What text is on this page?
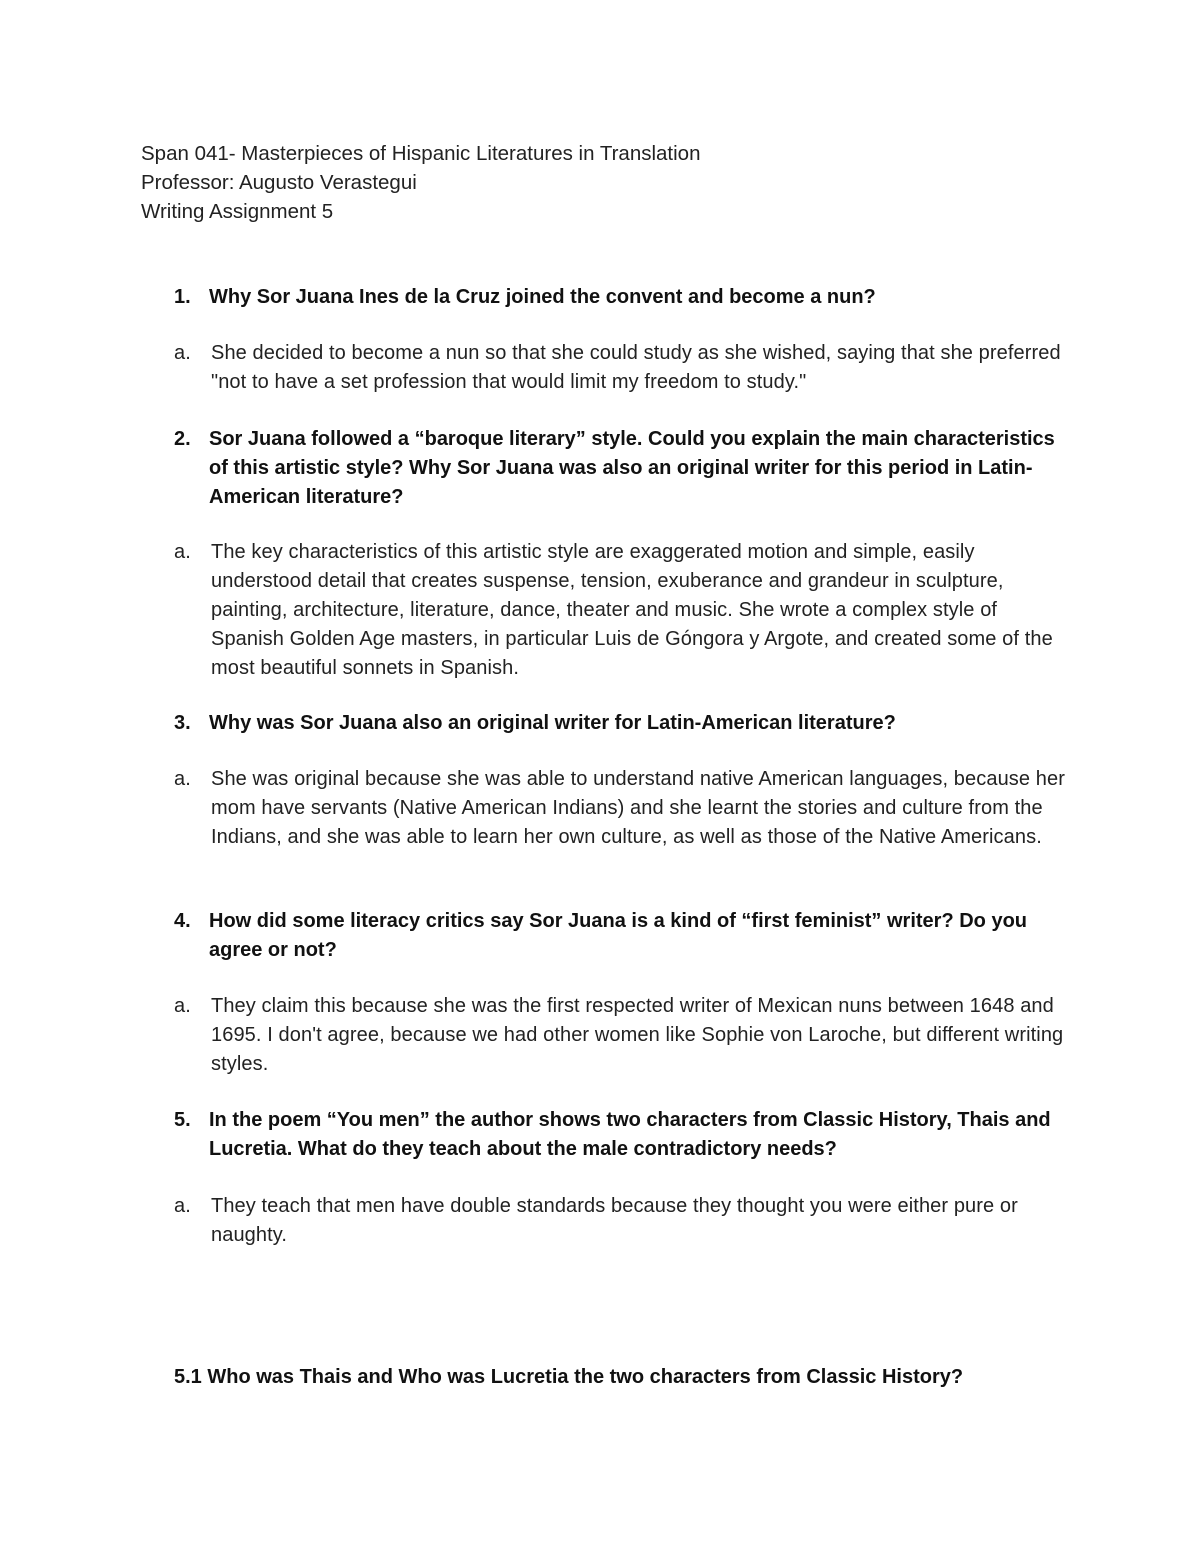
Span 041- Masterpieces of Hispanic Literatures in Translation
Professor: Augusto Verastegui
Writing Assignment 5
1. Why Sor Juana Ines de la Cruz joined the convent and become a nun?
a.	She decided to become a nun so that she could study as she wished, saying that she preferred "not to have a set profession that would limit my freedom to study."
2. Sor Juana followed a “baroque literary” style. Could you explain the main characteristics of this artistic style? Why Sor Juana was also an original writer for this period in Latin-American literature?
a.	The key characteristics of this artistic style are exaggerated motion and simple, easily understood detail that creates suspense, tension, exuberance and grandeur in sculpture, painting, architecture, literature, dance, theater and music. She wrote a complex style of Spanish Golden Age masters, in particular Luis de Góngora y Argote, and created some of the most beautiful sonnets in Spanish.
3. Why was Sor Juana also an original writer for Latin-American literature?
a.	She was original because she was able to understand native American languages, because her mom have servants (Native American Indians) and she learnt the stories and culture from the Indians, and she was able to learn her own culture, as well as those of the Native Americans.
4. How did some literacy critics say Sor Juana is a kind of “first feminist” writer? Do you agree or not?
a.	They claim this because she was the first respected writer of Mexican nuns between 1648 and 1695. I don't agree, because we had other women like Sophie von Laroche, but different writing styles.
5. In the poem “You men” the author shows two characters from Classic History, Thais and Lucretia. What do they teach about the male contradictory needs?
a.	They teach that men have double standards because they thought you were either pure or naughty.
5.1 Who was Thais and Who was Lucretia the two characters from Classic History?
